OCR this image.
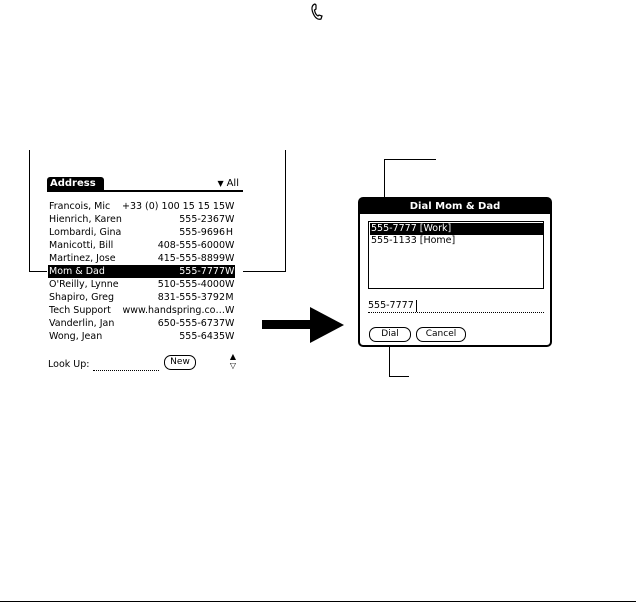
Address	▼ All
Francois, Mic +33 (0) 100 15 15 15 W
Hienrich, Karen	555-2367 W
Lombardi, Gina	555-9696 H
Manicotti, Bill	408-555-6000 W
Martinez, Jose	415-555-8899 W
Mom & Dad	555-7777 W
O'Reilly, Lynne	510-555-4000 W
Shapiro, Greg	831-555-3792 M
Tech Support www.handspring.co… W
Vanderlin, Jan	650-555-6737 W
Wong, Jean	555-6435 W
Look Up:	New
▲
▽
Dial Mom & Dad
555-7777 [Work]
555-1133 [Home]
555-7777
Dial	Cancel
